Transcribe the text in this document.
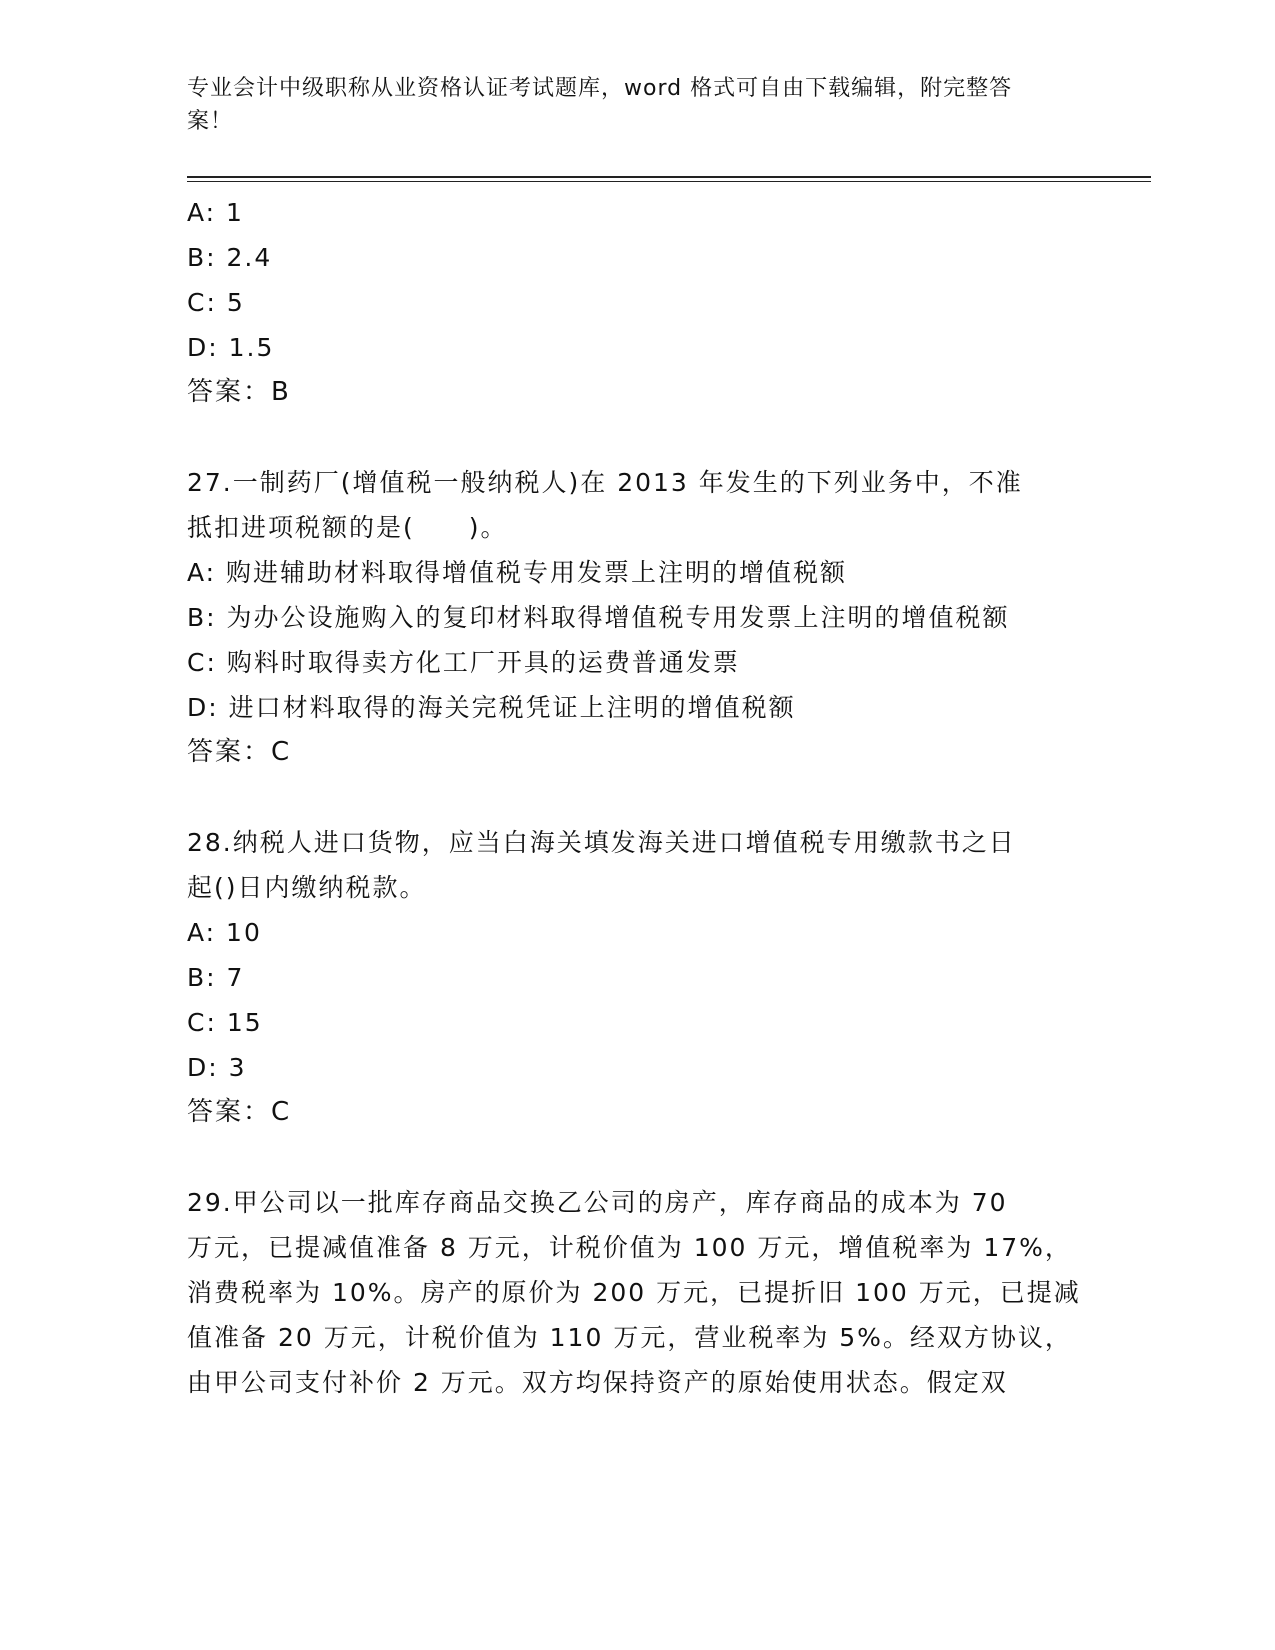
专业会计中级职称从业资格认证考试题库，word 格式可自由下载编辑，附完整答
案！
A: 1
B: 2.4
C: 5
D: 1.5
答案：B
27.一制药厂(增值税一般纳税人)在 2013 年发生的下列业务中，不准
抵扣进项税额的是(　　)。
A: 购进辅助材料取得增值税专用发票上注明的增值税额
B: 为办公设施购入的复印材料取得增值税专用发票上注明的增值税额
C: 购料时取得卖方化工厂开具的运费普通发票
D: 进口材料取得的海关完税凭证上注明的增值税额
答案：C
28.纳税人进口货物，应当白海关填发海关进口增值税专用缴款书之日
起()日内缴纳税款。
A: 10
B: 7
C: 15
D: 3
答案：C
29.甲公司以一批库存商品交换乙公司的房产，库存商品的成本为 70
万元，已提减值准备 8 万元，计税价值为 100 万元，增值税率为 17%，
消费税率为 10%。房产的原价为 200 万元，已提折旧 100 万元，已提减
值准备 20 万元，计税价值为 110 万元，营业税率为 5%。经双方协议，
由甲公司支付补价 2 万元。双方均保持资产的原始使用状态。假定双
